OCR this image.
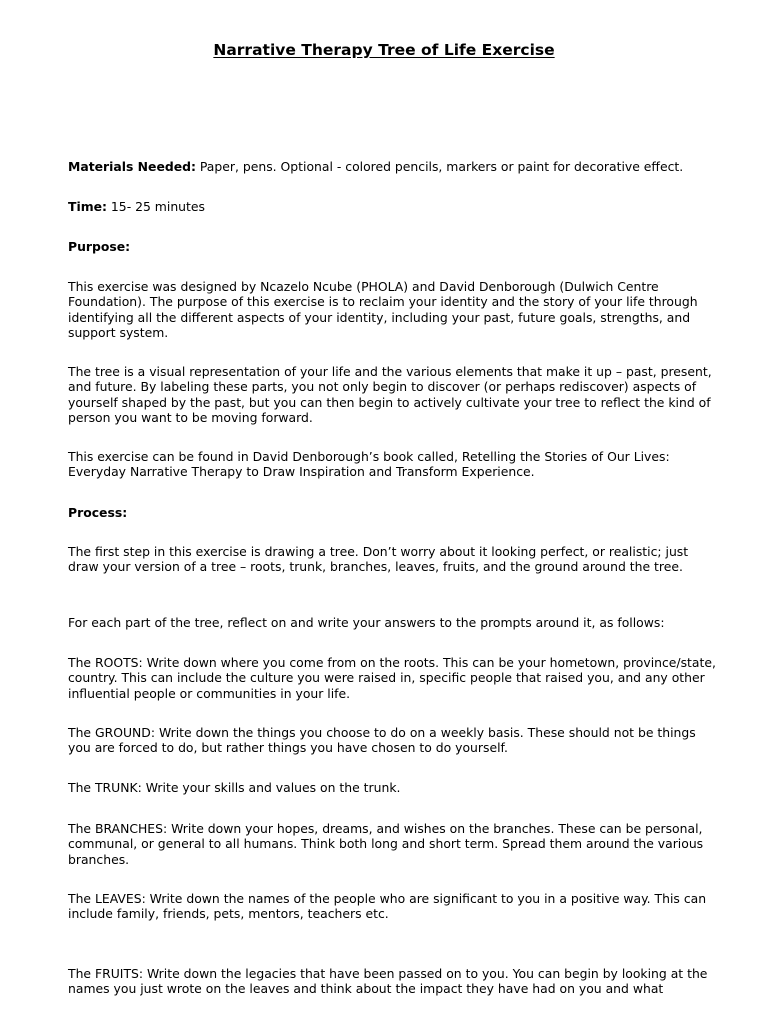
Narrative Therapy Tree of Life Exercise

Materials Needed: Paper, pens. Optional - colored pencils, markers or paint for decorative effect.

Time: 15- 25 minutes

Purpose:

This exercise was designed by Ncazelo Ncube (PHOLA) and David Denborough (Dulwich Centre Foundation). The purpose of this exercise is to reclaim your identity and the story of your life through identifying all the different aspects of your identity, including your past, future goals, strengths, and support system.

The tree is a visual representation of your life and the various elements that make it up – past, present, and future. By labeling these parts, you not only begin to discover (or perhaps rediscover) aspects of yourself shaped by the past, but you can then begin to actively cultivate your tree to reflect the kind of person you want to be moving forward.

This exercise can be found in David Denborough’s book called, Retelling the Stories of Our Lives: Everyday Narrative Therapy to Draw Inspiration and Transform Experience.

Process:

The first step in this exercise is drawing a tree. Don’t worry about it looking perfect, or realistic; just draw your version of a tree – roots, trunk, branches, leaves, fruits, and the ground around the tree.

For each part of the tree, reflect on and write your answers to the prompts around it, as follows:

The ROOTS: Write down where you come from on the roots. This can be your hometown, province/state, country. This can include the culture you were raised in, specific people that raised you, and any other influential people or communities in your life.

The GROUND: Write down the things you choose to do on a weekly basis. These should not be things you are forced to do, but rather things you have chosen to do yourself.

The TRUNK: Write your skills and values on the trunk.

The BRANCHES: Write down your hopes, dreams, and wishes on the branches. These can be personal, communal, or general to all humans. Think both long and short term. Spread them around the various branches.

The LEAVES: Write down the names of the people who are significant to you in a positive way. This can include family, friends, pets, mentors, teachers etc.

The FRUITS: Write down the legacies that have been passed on to you. You can begin by looking at the names you just wrote on the leaves and think about the impact they have had on you and what
